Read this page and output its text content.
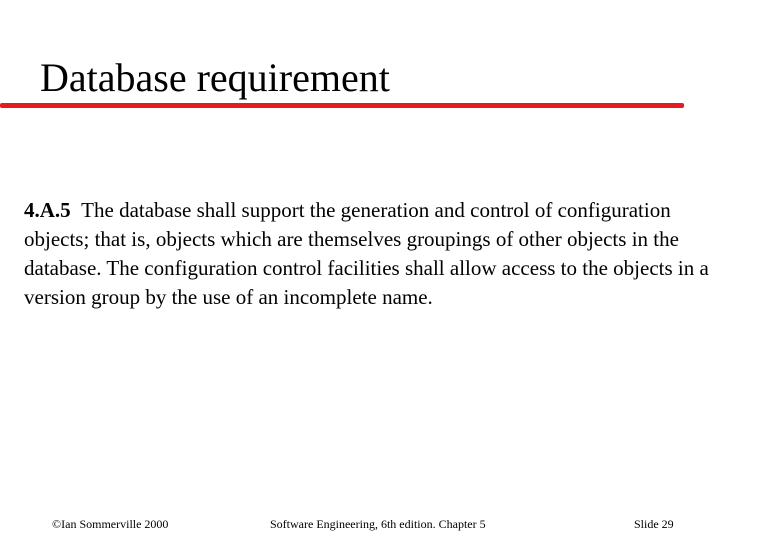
Database requirement
4.A.5 The database shall support the generation and control of configuration objects; that is, objects which are themselves groupings of other objects in the database. The configuration control facilities shall allow access to the objects in a version group by the use of an incomplete name.
©Ian Sommerville 2000	Software Engineering, 6th edition. Chapter 5	Slide 29
